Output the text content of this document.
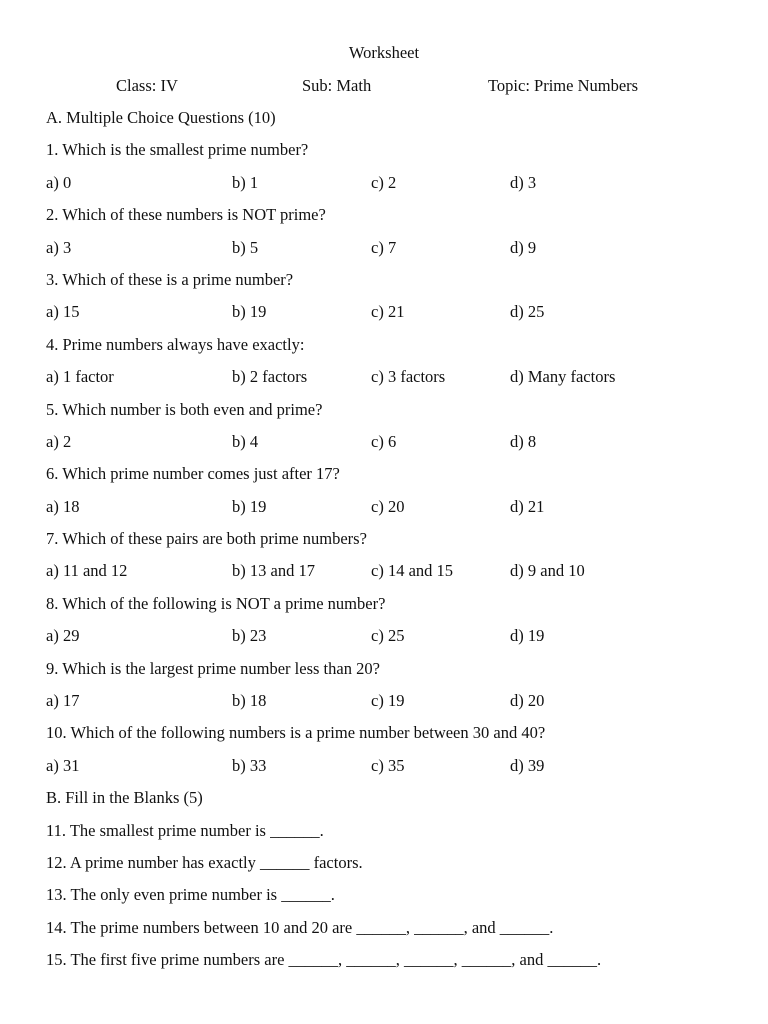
Worksheet
Class: IV	Sub: Math	Topic: Prime Numbers
A. Multiple Choice Questions (10)
1. Which is the smallest prime number?
a) 0	b) 1	c) 2	d) 3
2. Which of these numbers is NOT prime?
a) 3	b) 5	c) 7	d) 9
3. Which of these is a prime number?
a) 15	b) 19	c) 21	d) 25
4. Prime numbers always have exactly:
a) 1 factor	b) 2 factors	c) 3 factors	d) Many factors
5. Which number is both even and prime?
a) 2	b) 4	c) 6	d) 8
6. Which prime number comes just after 17?
a) 18	b) 19	c) 20	d) 21
7. Which of these pairs are both prime numbers?
a) 11 and 12	b) 13 and 17	c) 14 and 15	d) 9 and 10
8. Which of the following is NOT a prime number?
a) 29	b) 23	c) 25	d) 19
9. Which is the largest prime number less than 20?
a) 17	b) 18	c) 19	d) 20
10. Which of the following numbers is a prime number between 30 and 40?
a) 31	b) 33	c) 35	d) 39
B. Fill in the Blanks (5)
11. The smallest prime number is ______.
12. A prime number has exactly ______ factors.
13. The only even prime number is ______.
14. The prime numbers between 10 and 20 are ______, ______, and ______.
15. The first five prime numbers are ______, ______, ______, ______, and ______.
